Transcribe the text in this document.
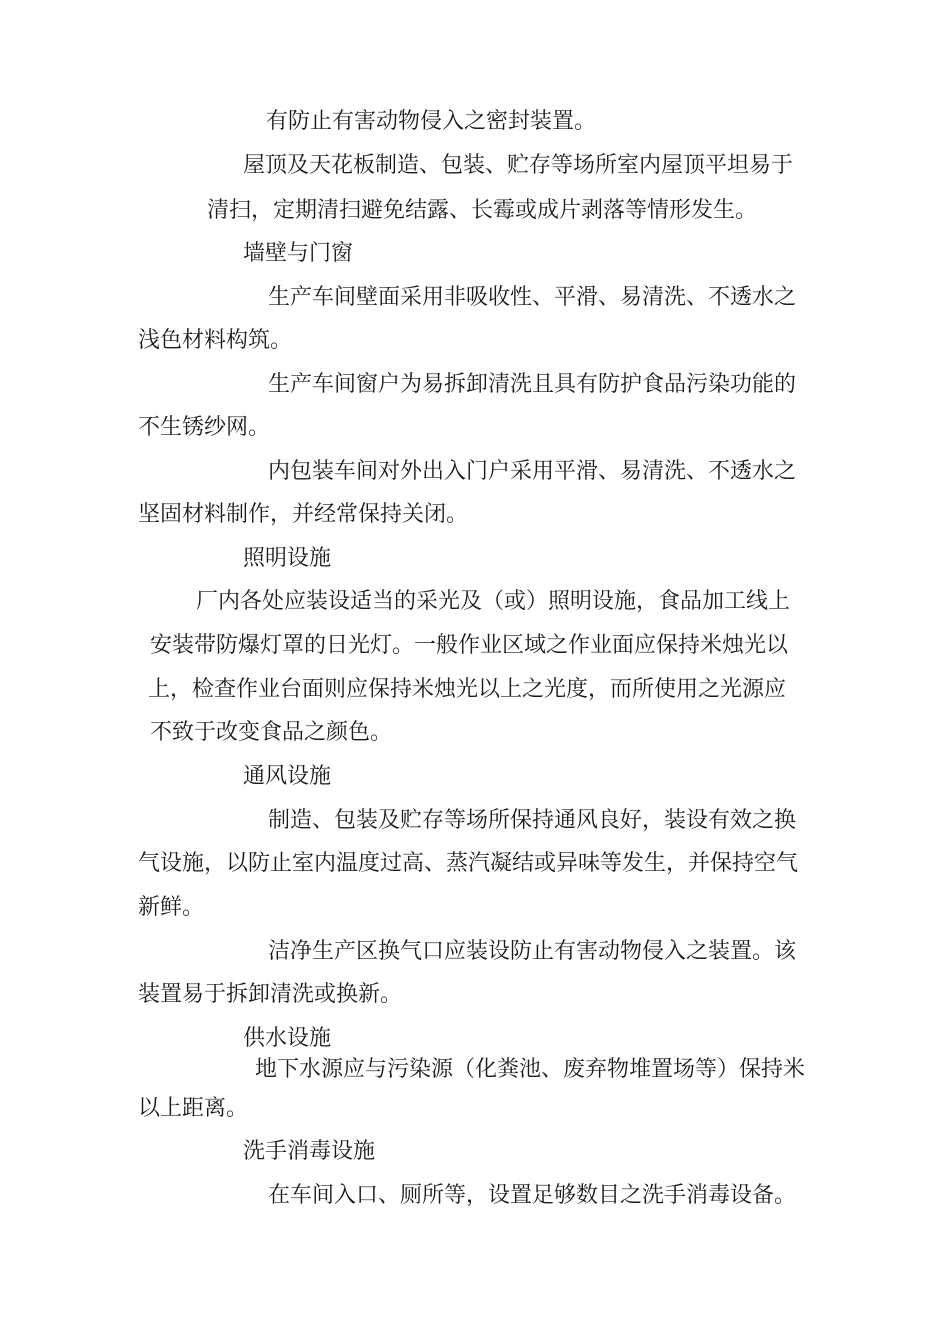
有防止有害动物侵入之密封装置。
屋顶及天花板制造、包装、贮存等场所室内屋顶平坦易于
清扫，定期清扫避免结露、长霉或成片剥落等情形发生。
墙壁与门窗
生产车间壁面采用非吸收性、平滑、易清洗、不透水之
浅色材料构筑。
生产车间窗户为易拆卸清洗且具有防护食品污染功能的
不生锈纱网。
内包装车间对外出入门户采用平滑、易清洗、不透水之
坚固材料制作，并经常保持关闭。
照明设施
厂内各处应装设适当的采光及（或）照明设施，食品加工线上
安装带防爆灯罩的日光灯。一般作业区域之作业面应保持米烛光以
上，检查作业台面则应保持米烛光以上之光度，而所使用之光源应
不致于改变食品之颜色。
通风设施
制造、包装及贮存等场所保持通风良好，装设有效之换
气设施，以防止室内温度过高、蒸汽凝结或异味等发生，并保持空气
新鲜。
洁净生产区换气口应装设防止有害动物侵入之装置。该
装置易于拆卸清洗或换新。
供水设施
地下水源应与污染源（化粪池、废弃物堆置场等）保持米
以上距离。
洗手消毒设施
在车间入口、厕所等，设置足够数目之洗手消毒设备。
